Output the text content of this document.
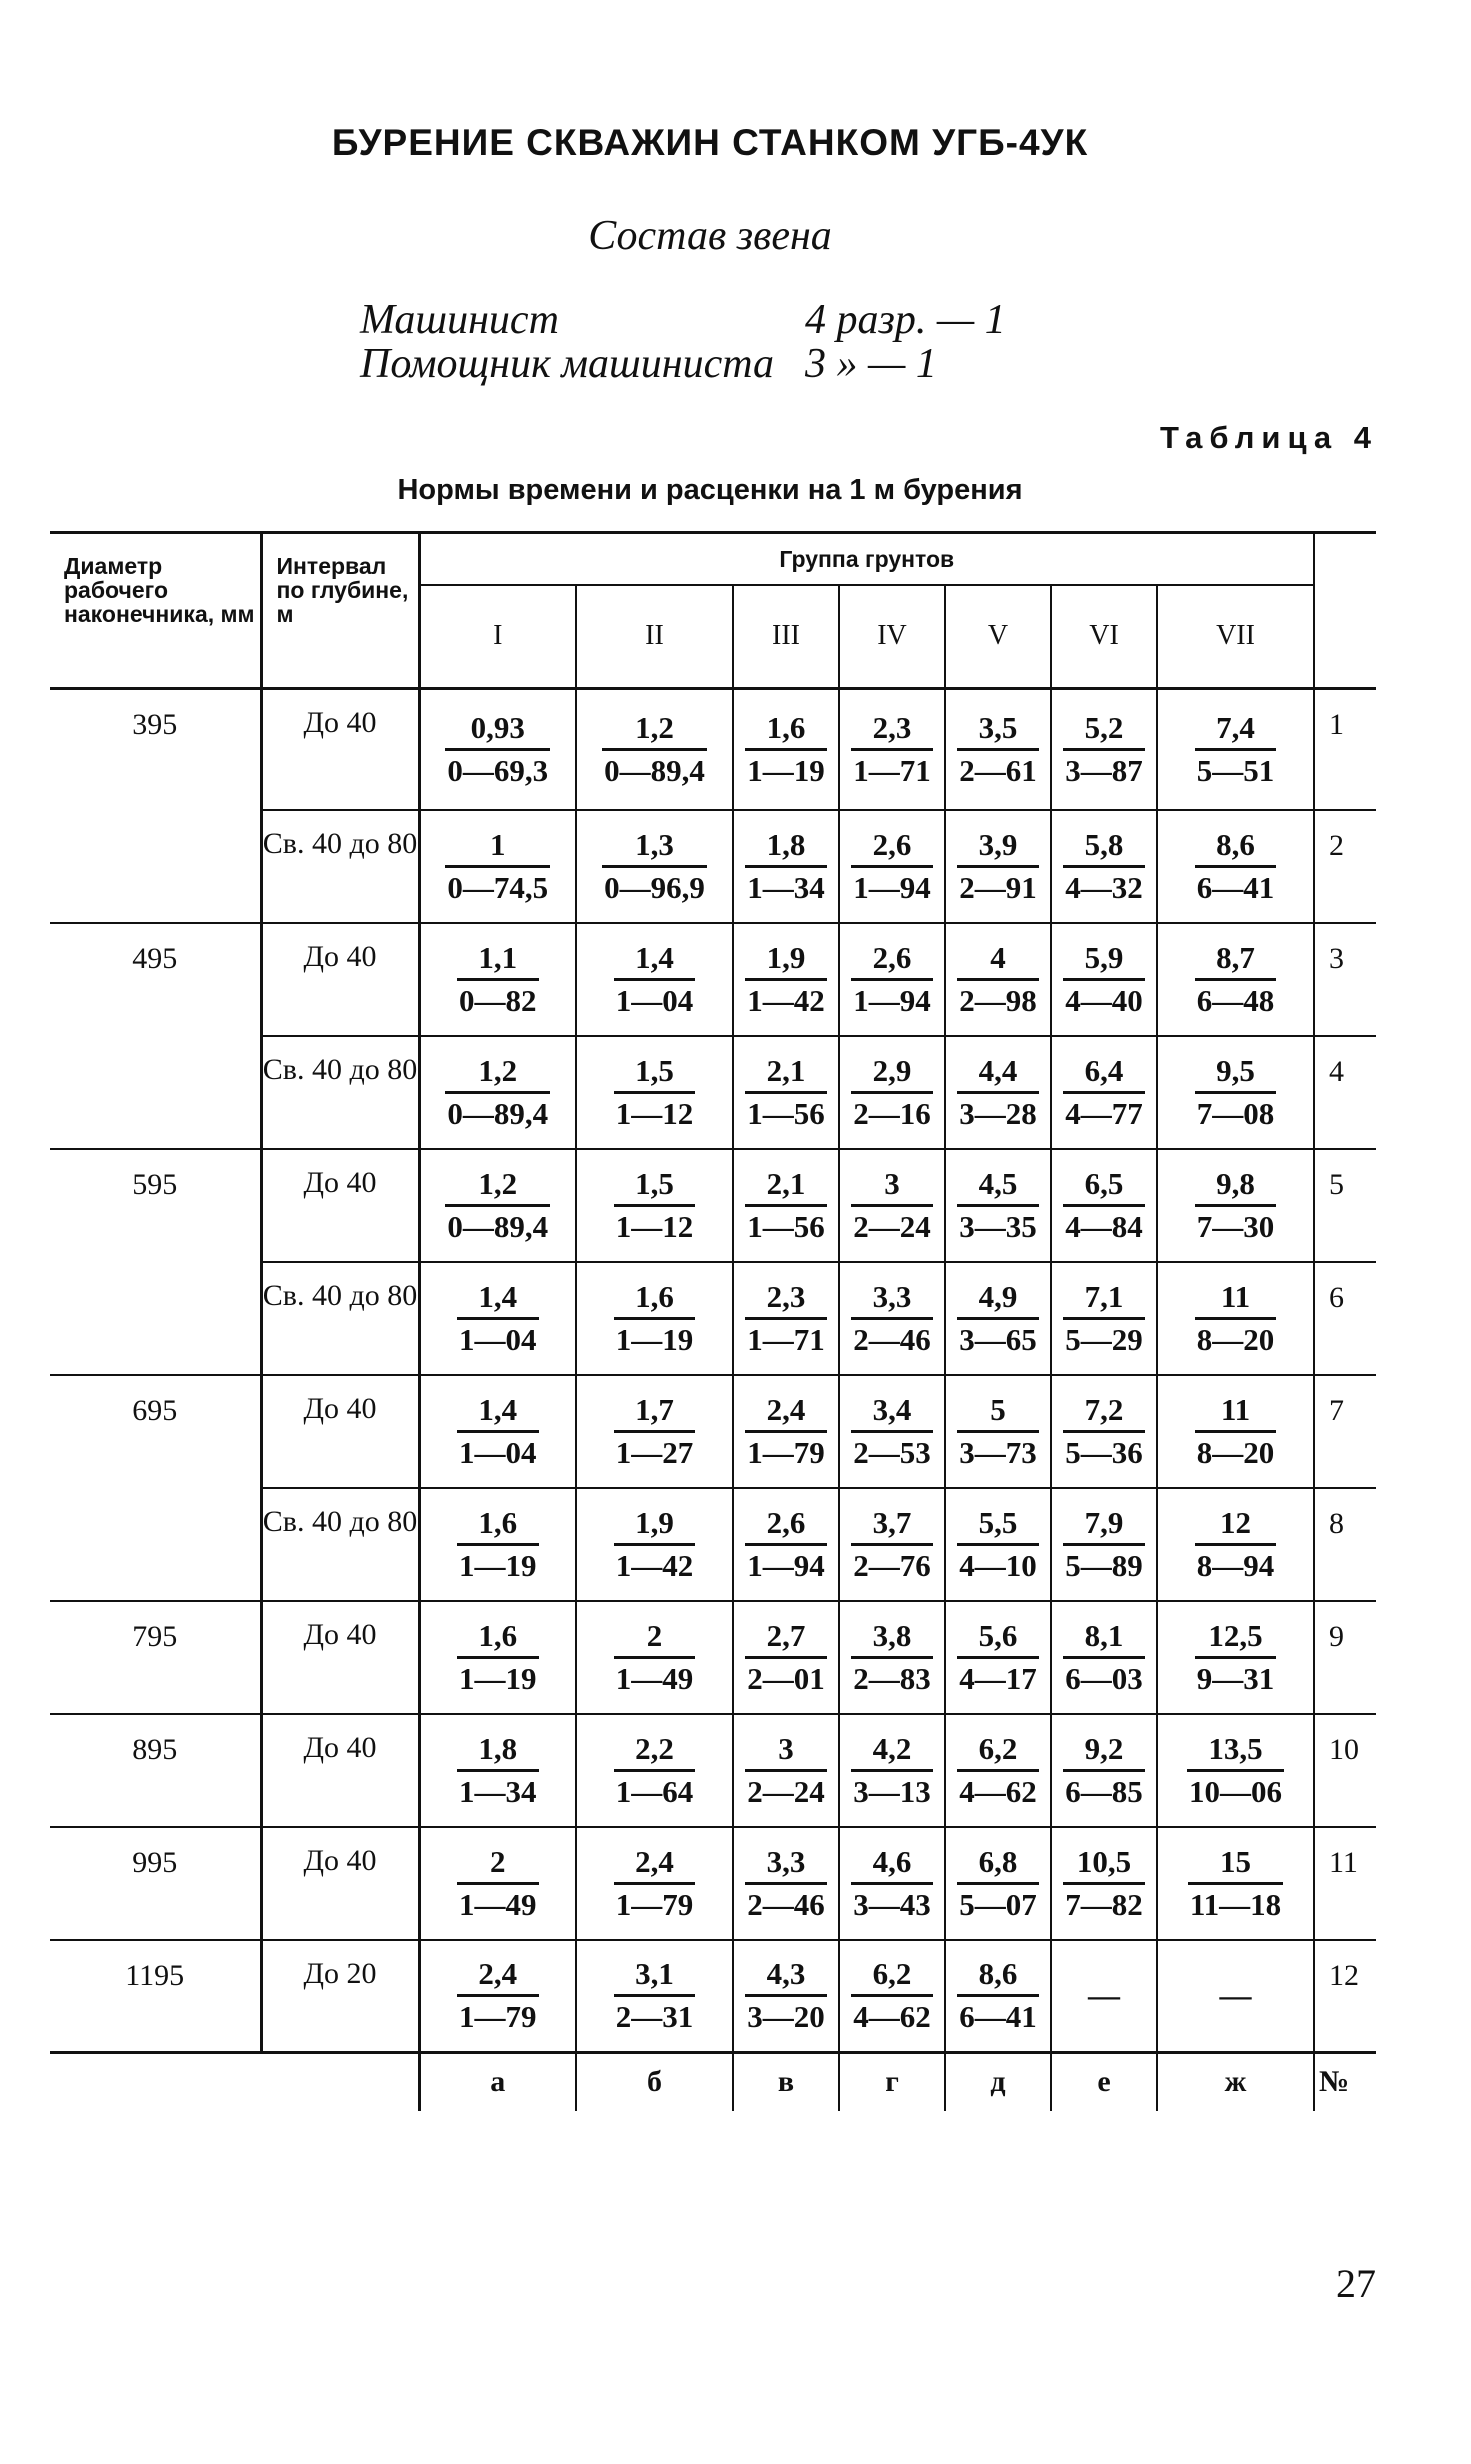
БУРЕНИЕ СКВАЖИН СТАНКОМ УГБ-4УК
Состав звена
Машинист	4 разр. — 1
Помощник машиниста 3 » — 1
Таблица 4
Нормы времени и расценки на 1 м бурения
Диаметр рабочего наконечника, мм	Интервал по глубине, м	Группа грунтов							
		I	II	III	IV	V	VI	VII	
395	До 40	$\frac{0,93}{0—69,3}$	$\frac{1,2}{0—89,4}$	$\frac{1,6}{1—19}$	$\frac{2,3}{1—71}$	$\frac{3,5}{2—61}$	$\frac{5,2}{3—87}$	$\frac{7,4}{5—51}$	1
	Св. 40 до 80	$\frac{1}{0—74,5}$	$\frac{1,3}{0—96,9}$	$\frac{1,8}{1—34}$	$\frac{2,6}{1—94}$	$\frac{3,9}{2—91}$	$\frac{5,8}{4—32}$	$\frac{8,6}{6—41}$	2
495	До 40	$\frac{1,1}{0—82}$	$\frac{1,4}{1—04}$	$\frac{1,9}{1—42}$	$\frac{2,6}{1—94}$	$\frac{4}{2—98}$	$\frac{5,9}{4—40}$	$\frac{8,7}{6—48}$	3
	Св. 40 до 80	$\frac{1,2}{0—89,4}$	$\frac{1,5}{1—12}$	$\frac{2,1}{1—56}$	$\frac{2,9}{2—16}$	$\frac{4,4}{3—28}$	$\frac{6,4}{4—77}$	$\frac{9,5}{7—08}$	4
595	До 40	$\frac{1,2}{0—89,4}$	$\frac{1,5}{1—12}$	$\frac{2,1}{1—56}$	$\frac{3}{2—24}$	$\frac{4,5}{3—35}$	$\frac{6,5}{4—84}$	$\frac{9,8}{7—30}$	5
	Св. 40 до 80	$\frac{1,4}{1—04}$	$\frac{1,6}{1—19}$	$\frac{2,3}{1—71}$	$\frac{3,3}{2—46}$	$\frac{4,9}{3—65}$	$\frac{7,1}{5—29}$	$\frac{11}{8—20}$	6
695	До 40	$\frac{1,4}{1—04}$	$\frac{1,7}{1—27}$	$\frac{2,4}{1—79}$	$\frac{3,4}{2—53}$	$\frac{5}{3—73}$	$\frac{7,2}{5—36}$	$\frac{11}{8—20}$	7
	Св. 40 до 80	$\frac{1,6}{1—19}$	$\frac{1,9}{1—42}$	$\frac{2,6}{1—94}$	$\frac{3,7}{2—76}$	$\frac{5,5}{4—10}$	$\frac{7,9}{5—89}$	$\frac{12}{8—94}$	8
795	До 40	$\frac{1,6}{1—19}$	$\frac{2}{1—49}$	$\frac{2,7}{2—01}$	$\frac{3,8}{2—83}$	$\frac{5,6}{4—17}$	$\frac{8,1}{6—03}$	$\frac{12,5}{9—31}$	9
895	До 40	$\frac{1,8}{1—34}$	$\frac{2,2}{1—64}$	$\frac{3}{2—24}$	$\frac{4,2}{3—13}$	$\frac{6,2}{4—62}$	$\frac{9,2}{6—85}$	$\frac{13,5}{10—06}$	10
995	До 40	$\frac{2}{1—49}$	$\frac{2,4}{1—79}$	$\frac{3,3}{2—46}$	$\frac{4,6}{3—43}$	$\frac{6,8}{5—07}$	$\frac{10,5}{7—82}$	$\frac{15}{11—18}$	11
1195	До 20	$\frac{2,4}{1—79}$	$\frac{3,1}{2—31}$	$\frac{4,3}{3—20}$	$\frac{6,2}{4—62}$	$\frac{8,6}{6—41}$	—	—	12
		а	б	в	г	д	е	ж	№
27
